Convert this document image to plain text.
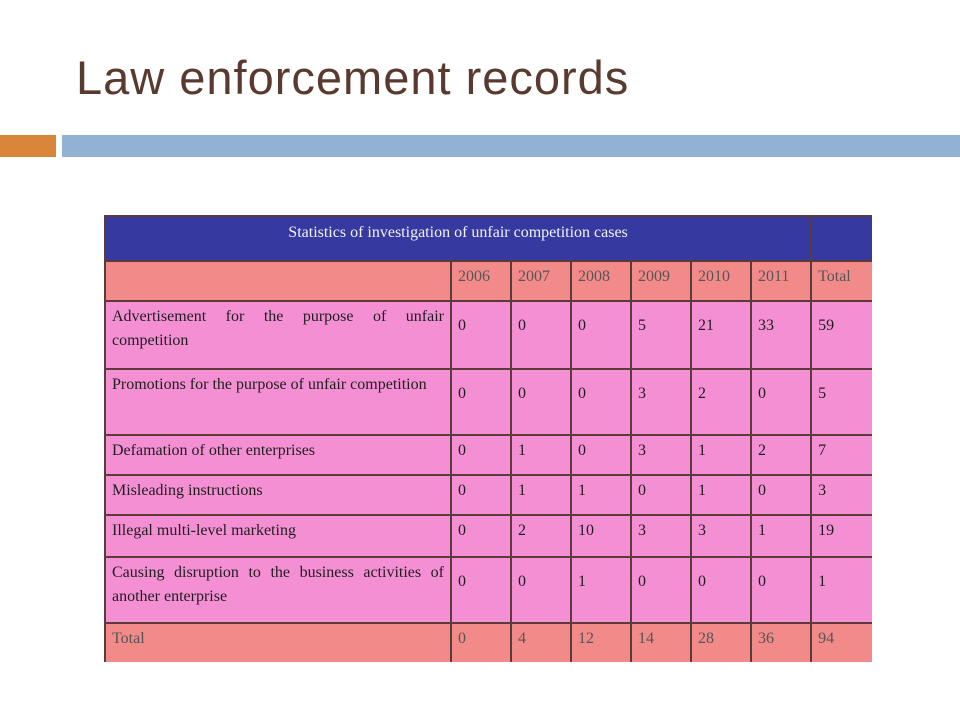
Law enforcement records
Statistics of investigation of unfair competition cases							
	2006	2007	2008	2009	2010	2011	Total
Advertisement for the purpose of unfair competition	0	0	0	5	21	33	59
Promotions for the purpose of unfair competition	0	0	0	3	2	0	5
Defamation of other enterprises	0	1	0	3	1	2	7
Misleading instructions	0	1	1	0	1	0	3
Illegal multi-level marketing	0	2	10	3	3	1	19
Causing disruption to the business activities of another enterprise	0	0	1	0	0	0	1
Total	0	4	12	14	28	36	94
